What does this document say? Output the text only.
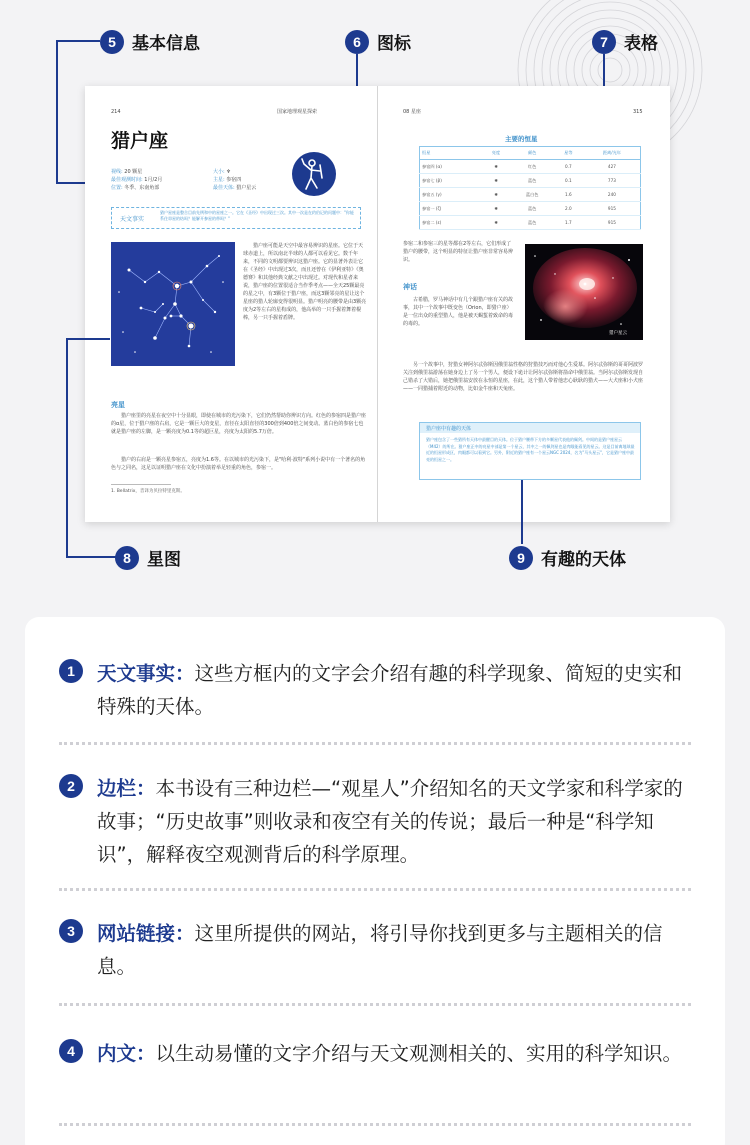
5 基本信息	6 图标	7 表格
214	国家地理观星探索
猎户座
视线: 20 颗星
最佳观测时间: 1月/2月
位置: 冬季、东南角部
大小: ♆
主星: 参宿四
最佳天体: 猎户星云
天文事实
猎户星座是整合目前先例和中的星座之一。它在《圣经》中出现过三次。其中一次是在约伯记的问题中："你能系住昴星的结吗？能解开参星的带吗？"
猎户座可能是天空中最容易辨识的星座。它位于天球赤道上，所以南北半球的人都可以看见它。数千年来，不同的文明都要辨识这猎户座。它的显著外表让它在《圣经》中出现过3次，而且还曾在《伊利亚特》《奥德赛》和其他经典文献之中出现过。对现代和星者来说，猎户座的位置很适合当作季考点——全天25颗最亮的星之中，有3颗位于猎户座，而这3颗邻亮的星让这个星座的猎人轮廓变得很明显。猎户明亮的腰带是由3颗亮度为2等左右的星构成的，他高举的一只手握着舞着棍棒，另一只手握着盾牌。
亮星
猎户座里的亮星在夜空中十分显眼，即使在城市的光污染下，它们仍然帮助你辨识方向。红色的参宿四是猎户座的α星，位于猎户座的右肩，它是一颗巨大的变星，直径在太阳直径的300倍到400倍之间变动。蓝白色的参宿七也就是猎户座的左脚，是一颗亮度为0.1等的超巨星，亮度为太阳的5.7万倍。
猎户的右肩是一颗亮星参宿五，亮度为1.6等。在以城市的光污染下，是"哈利·波特"系列小说中有一个著名的角色与之同名，这足以证明猎户座在文化中扮演着举足轻重的角色，参宿一。
1. Bellatrix，音译为贝拉特里克斯。
08 星座	315
主要的恒星
恒星	亮度	颜色	星等	距离/光年
参宿四 (α)	✺	红色	0.7	427
参宿七 (β)	✺	蓝色	0.1	773
参宿五 (γ)	✺	蓝白色	1.6	240
参宿一 (ζ)	✺	蓝色	2.0	915
参宿二 (ε)	✺	蓝色	1.7	915
参宿二和参宿三的星等都在2等左右，它们形成了猎户的腰带，这个明显的特征让猎户座非常容易辨识。
猎户星云
神话
古希腊，罗马神话中有几个跟猎户座有关的故事，其中一个故事中既变色（Orion，即猎户座）是一位出众的重型猎人，他是被天蝎蜇着致命的毒的毒的。
另一个故事中，狩猎女神阿尔忒弥斯因俄里翁性格的狩猎技巧而对他心生爱慕。阿尔忒弥斯的哥哥阿波罗关注到俄里翁游荡在她身边上了另一个男人，便设下诡计让阿尔忒弥斯将箭命中俄里翁。当阿尔忒弥斯发现自己错杀了大错后，她把俄里翁安放在永恒的星座，在此，这个猎人带着他忠心耿耿的猎犬——大犬座和小犬座——一同猎捕着附近的动物，比如金牛座和天兔座。
猎户座中有趣的天体
猎户座包含了一些猎所有天体中最醒目的天体。位于猎户腰带下方的多颗星代表他的佩剑。中间的是猎户座星云（M42）的所在。猎户座正中的亮星中部是第一个星云，其中之一的佩剑星也是肉眼能看见的星云。这是目前离地球最近的恒星形成区，肉眼都可以看到它。另外，附近的猎户座有一个星云NGC 2024，名为"马头星云"，它是猎户座中最亮的恒星之一。
8 星图	9 有趣的天体
1	天文事实：这些方框内的文字会介绍有趣的科学现象、简短的史实和特殊的天体。
2	边栏：本书设有三种边栏—“观星人”介绍知名的天文学家和科学家的故事；“历史故事”则收录和夜空有关的传说；最后一种是“科学知识”，解释夜空观测背后的科学原理。
3	网站链接：这里所提供的网站，将引导你找到更多与主题相关的信息。
4	内文：以生动易懂的文字介绍与天文观测相关的、实用的科学知识。
